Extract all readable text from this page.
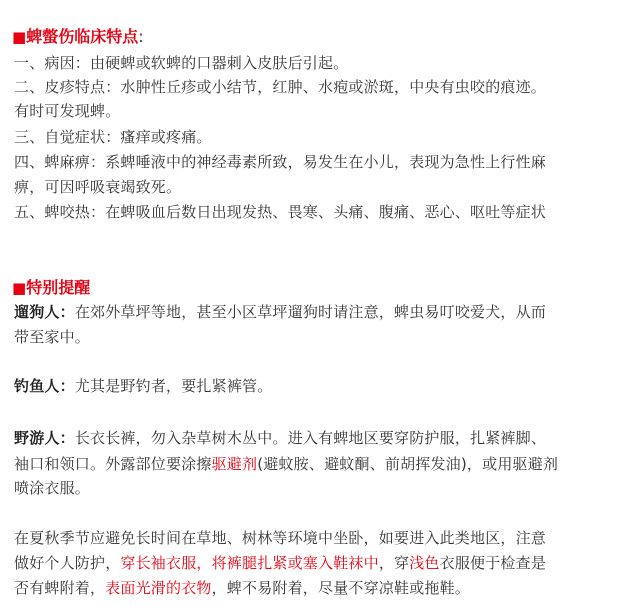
■蜱螫伤临床特点:
一、病因：由硬蜱或软蜱的口器刺入皮肤后引起。
二、皮疹特点：水肿性丘疹或小结节，红肿、水疱或淤斑，中央有虫咬的痕迹。
有时可发现蜱。
三、自觉症状：瘙痒或疼痛。
四、蜱麻痹：系蜱唾液中的神经毒素所致，易发生在小儿，表现为急性上行性麻
痹，可因呼吸衰竭致死。
五、蜱咬热：在蜱吸血后数日出现发热、畏寒、头痛、腹痛、恶心、呕吐等症状
■特别提醒
遛狗人：在郊外草坪等地，甚至小区草坪遛狗时请注意，蜱虫易叮咬爱犬，从而
带至家中。
钓鱼人：尤其是野钓者，要扎紧裤管。
野游人：长衣长裤，勿入杂草树木丛中。进入有蜱地区要穿防护服，扎紧裤脚、
袖口和领口。外露部位要涂擦驱避剂(避蚊胺、避蚊酮、前胡挥发油)，或用驱避剂
喷涂衣服。
在夏秋季节应避免长时间在草地、树林等环境中坐卧，如要进入此类地区，注意
做好个人防护，穿长袖衣服，将裤腿扎紧或塞入鞋袜中，穿浅色衣服便于检查是
否有蜱附着，表面光滑的衣物，蜱不易附着，尽量不穿凉鞋或拖鞋。
